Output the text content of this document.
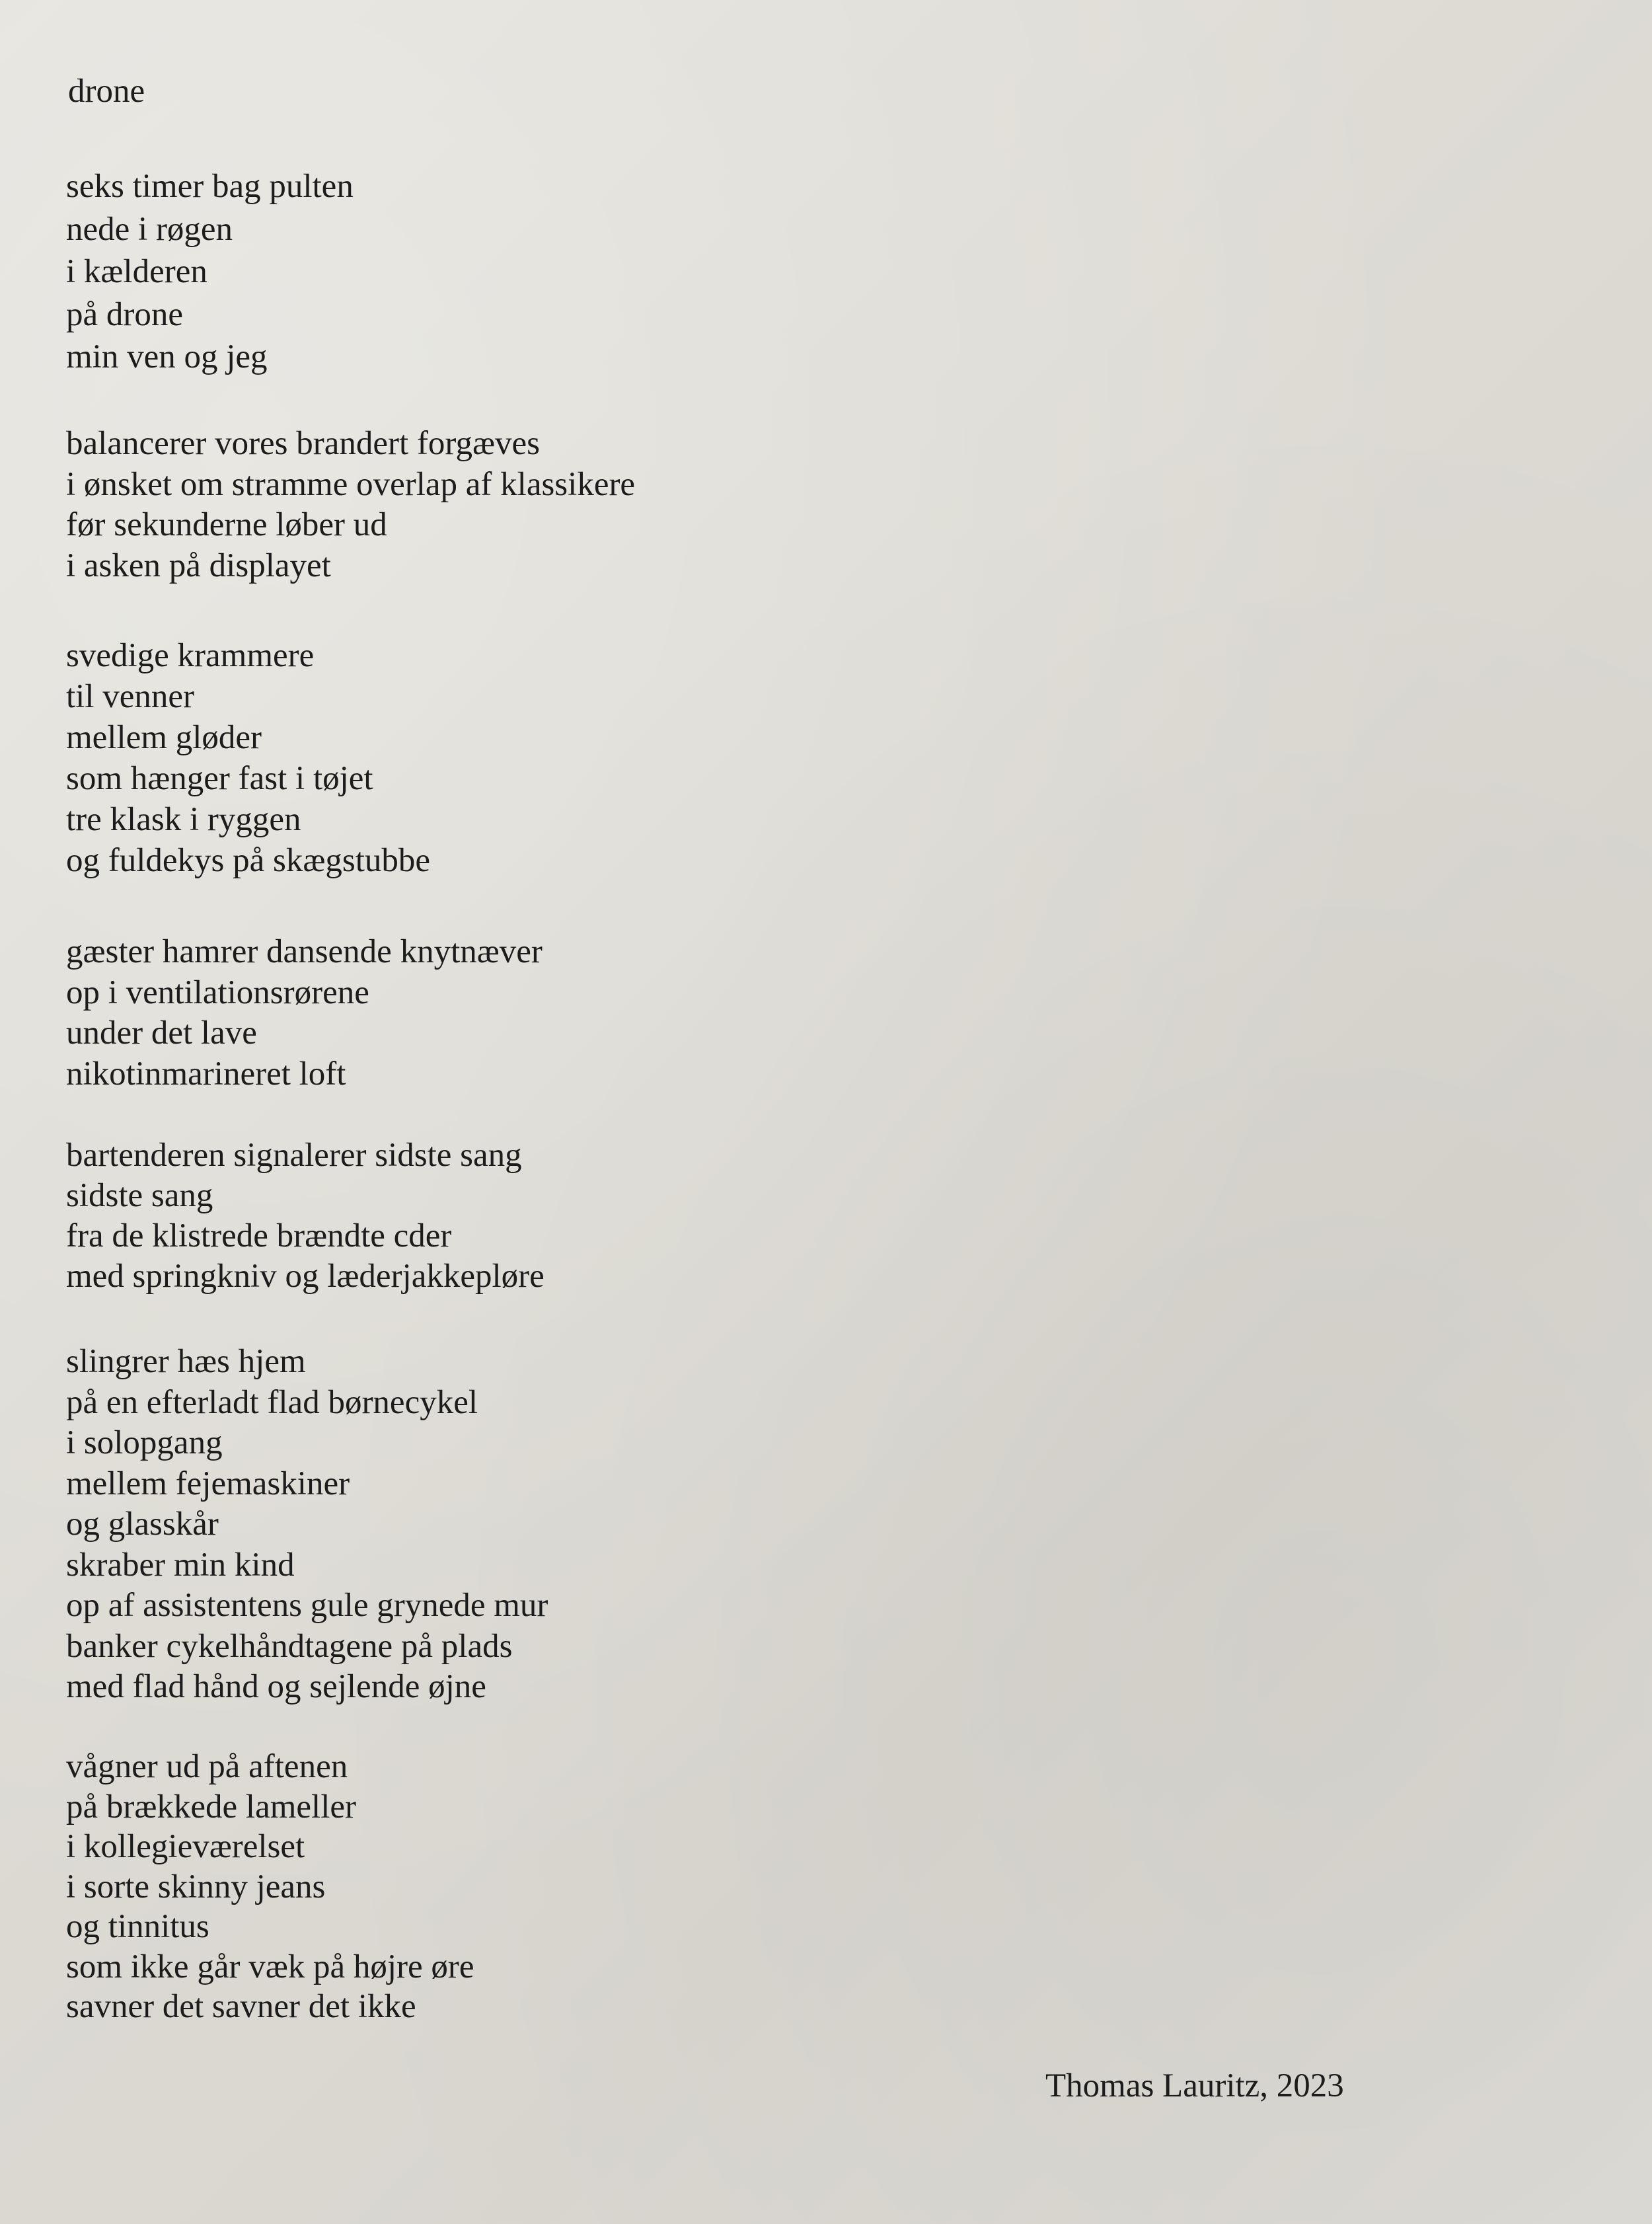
drone
seks timer bag pulten
nede i røgen
i kælderen
på drone
min ven og jeg
balancerer vores brandert forgæves
i ønsket om stramme overlap af klassikere
før sekunderne løber ud
i asken på displayet
svedige krammere
til venner
mellem gløder
som hænger fast i tøjet
tre klask i ryggen
og fuldekys på skægstubbe
gæster hamrer dansende knytnæver
op i ventilationsrørene
under det lave
nikotinmarineret loft
bartenderen signalerer sidste sang
sidste sang
fra de klistrede brændte cder
med springkniv og læderjakkepløre
slingrer hæs hjem
på en efterladt flad børnecykel
i solopgang
mellem fejemaskiner
og glasskår
skraber min kind
op af assistentens gule grynede mur
banker cykelhåndtagene på plads
med flad hånd og sejlende øjne
vågner ud på aftenen
på brækkede lameller
i kollegieværelset
i sorte skinny jeans
og tinnitus
som ikke går væk på højre øre
savner det savner det ikke

Thomas Lauritz, 2023
